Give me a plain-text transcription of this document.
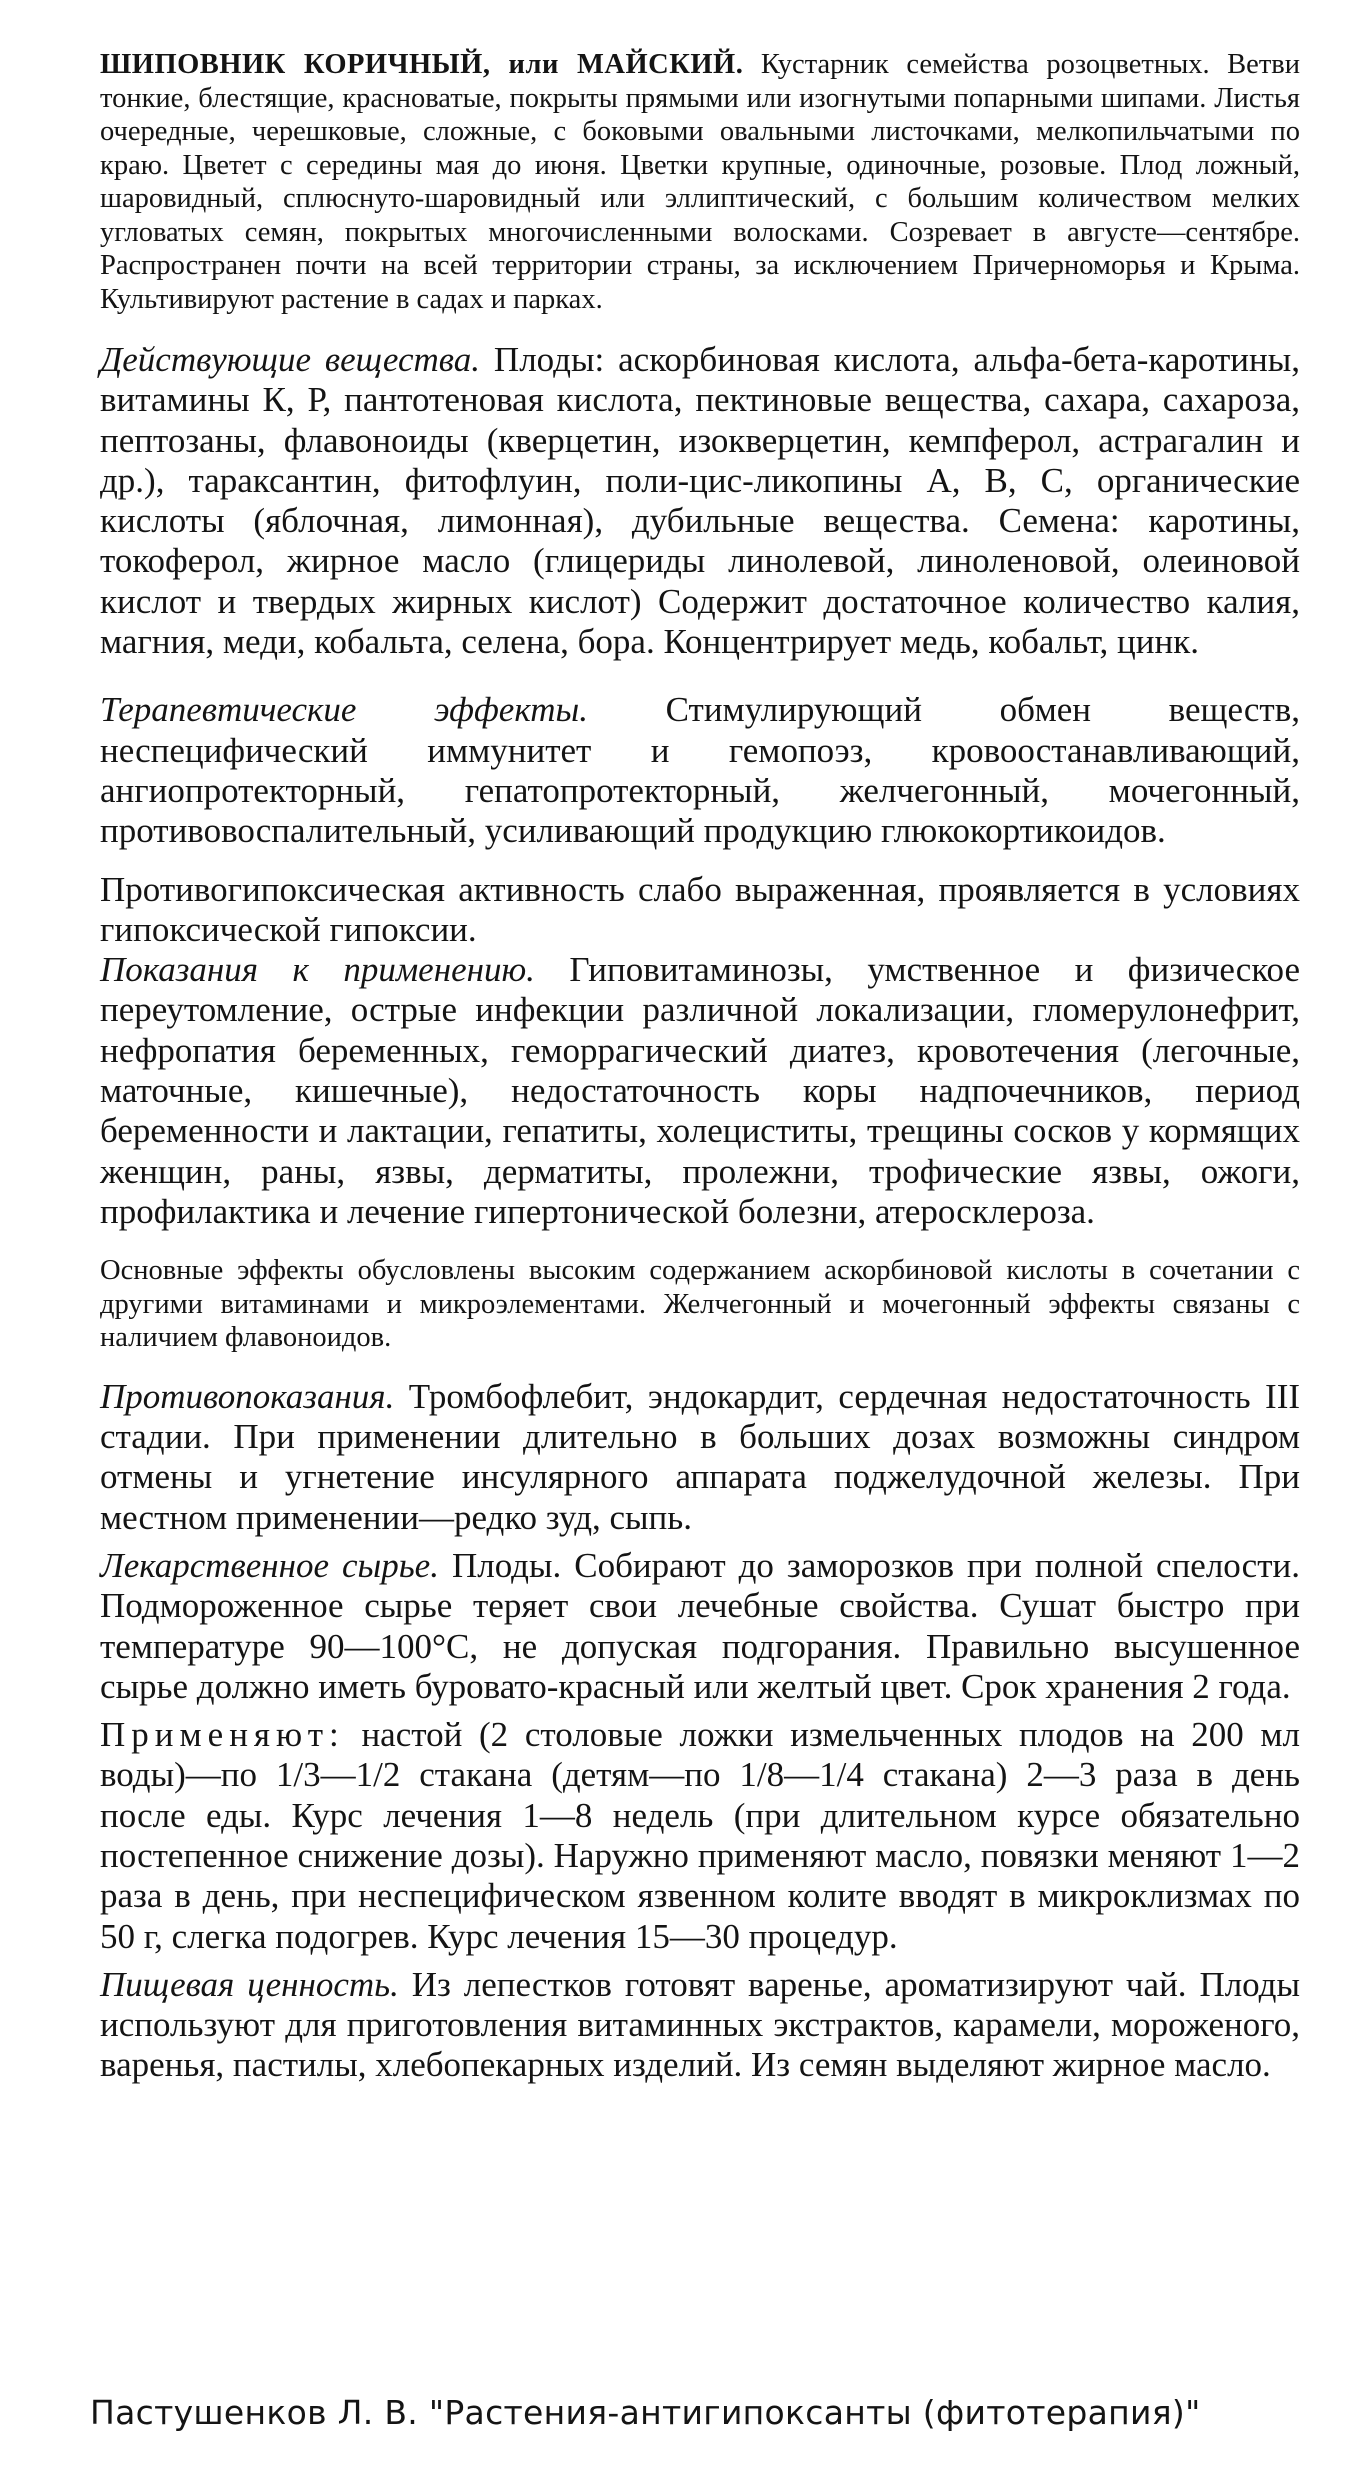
ШИПОВНИК КОРИЧНЫЙ, или МАЙСКИЙ. Кустарник семейства розоцветных. Ветви тонкие, блестящие, красноватые, покрыты прямыми или изогнутыми попарными шипами. Листья очередные, черешковые, сложные, с боковыми овальными листочками, мелкопильчатыми по краю. Цветет с середины мая до июня. Цветки крупные, одиночные, розовые. Плод ложный, шаровидный, сплюснуто-шаровидный или эллиптический, с большим количеством мелких угловатых семян, покрытых многочисленными волосками. Созревает в августе—сентябре. Распространен почти на всей территории страны, за исключением Причерноморья и Крыма. Культивируют растение в садах и парках.

Действующие вещества. Плоды: аскорбиновая кислота, альфа-бета-каротины, витамины К, Р, пантотеновая кислота, пектиновые вещества, сахара, сахароза, пептозаны, флавоноиды (кверцетин, изокверцетин, кемпферол, астрагалин и др.), тараксантин, фитофлуин, поли-цис-ликопины А, В, С, органические кислоты (яблочная, лимонная), дубильные вещества. Семена: каротины, токоферол, жирное масло (глицериды линолевой, линоленовой, олеиновой кислот и твердых жирных кислот) Содержит достаточное количество калия, магния, меди, кобальта, селена, бора. Концентрирует медь, кобальт, цинк.

Терапевтические эффекты. Стимулирующий обмен веществ, неспецифический иммунитет и гемопоэз, кровоостанавливающий, ангиопротекторный, гепатопротекторный, желчегонный, мочегонный, противовоспалительный, усиливающий продукцию глюкокортикоидов.

Противогипоксическая активность слабо выраженная, проявляется в условиях гипоксической гипоксии.

Показания к применению. Гиповитаминозы, умственное и физическое переутомление, острые инфекции различной локализации, гломерулонефрит, нефропатия беременных, геморрагический диатез, кровотечения (легочные, маточные, кишечные), недостаточность коры надпочечников, период беременности и лактации, гепатиты, холециститы, трещины сосков у кормящих женщин, раны, язвы, дерматиты, пролежни, трофические язвы, ожоги, профилактика и лечение гипертонической болезни, атеросклероза.

Основные эффекты обусловлены высоким содержанием аскорбиновой кислоты в сочетании с другими витаминами и микроэлементами. Желчегонный и мочегонный эффекты связаны с наличием флавоноидов.

Противопоказания. Тромбофлебит, эндокардит, сердечная недостаточность III стадии. При применении длительно в больших дозах возможны синдром отмены и угнетение инсулярного аппарата поджелудочной железы. При местном применении—редко зуд, сыпь.

Лекарственное сырье. Плоды. Собирают до заморозков при полной спелости. Подмороженное сырье теряет свои лечебные свойства. Сушат быстро при температуре 90—100°С, не допуская подгорания. Правильно высушенное сырье должно иметь буровато-красный или желтый цвет. Срок хранения 2 года.

Применяют: настой (2 столовые ложки измельченных плодов на 200 мл воды)—по 1/3—1/2 стакана (детям—по 1/8—1/4 стакана) 2—3 раза в день после еды. Курс лечения 1—8 недель (при длительном курсе обязательно постепенное снижение дозы). Наружно применяют масло, повязки меняют 1—2 раза в день, при неспецифическом язвенном колите вводят в микроклизмах по 50 г, слегка подогрев. Курс лечения 15—30 процедур.

Пищевая ценность. Из лепестков готовят варенье, ароматизируют чай. Плоды используют для приготовления витаминных экстрактов, карамели, мороженого, варенья, пастилы, хлебопекарных изделий. Из семян выделяют жирное масло.

Пастушенков Л. В. "Растения-антигипоксанты (фитотерапия)"
